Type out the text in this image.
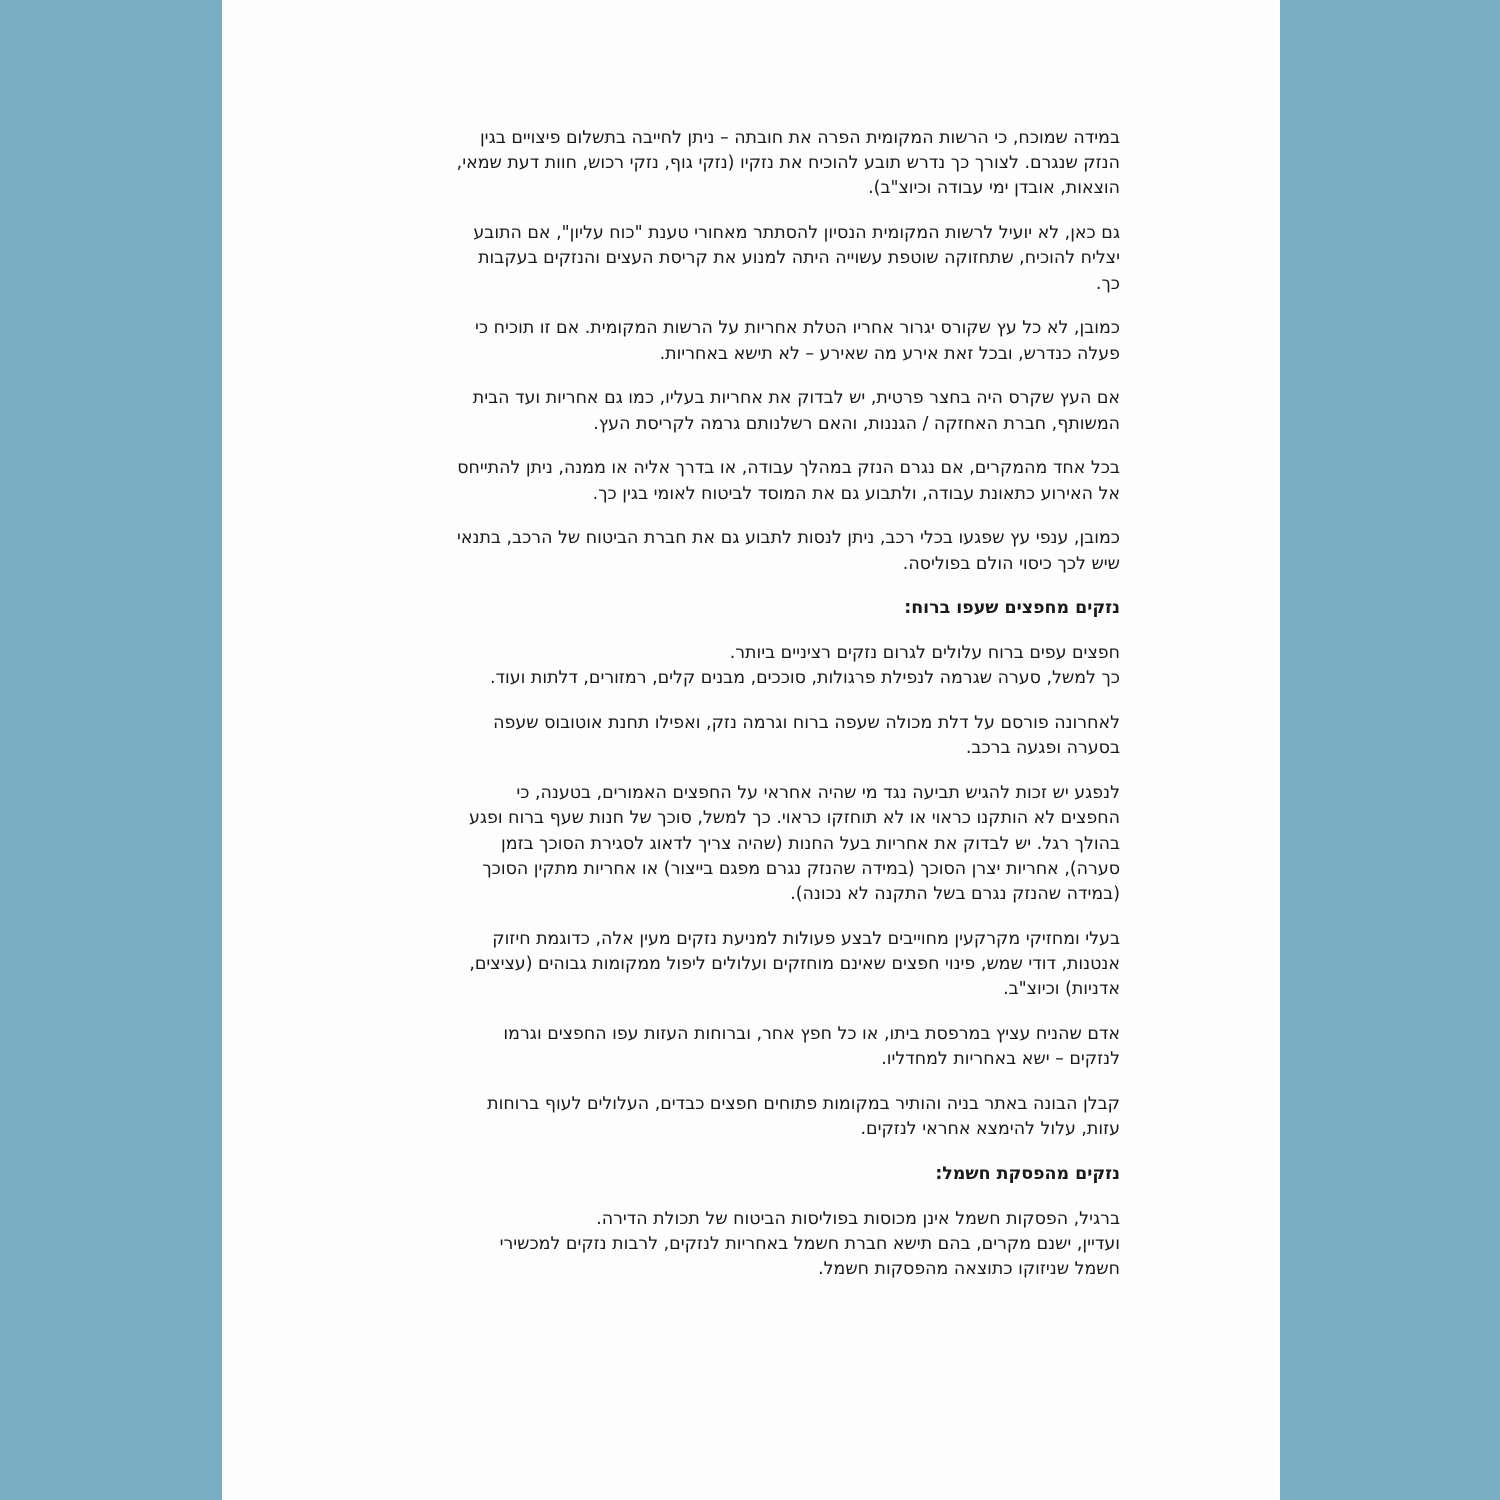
במידה שמוכח, כי הרשות המקומית הפרה את חובתה – ניתן לחייבה בתשלום פיצויים בגין
הנזק שנגרם. לצורך כך נדרש תובע להוכיח את נזקיו (נזקי גוף, נזקי רכוש, חוות דעת שמאי,
הוצאות, אובדן ימי עבודה וכיוצ"ב).
גם כאן, לא יועיל לרשות המקומית הנסיון להסתתר מאחורי טענת "כוח עליון", אם התובע
יצליח להוכיח, שתחזוקה שוטפת עשוייה היתה למנוע את קריסת העצים והנזקים בעקבות
כך.
כמובן, לא כל עץ שקורס יגרור אחריו הטלת אחריות על הרשות המקומית. אם זו תוכיח כי
פעלה כנדרש, ובכל זאת אירע מה שאירע – לא תישא באחריות.
אם העץ שקרס היה בחצר פרטית, יש לבדוק את אחריות בעליו, כמו גם אחריות ועד הבית
המשותף, חברת האחזקה / הגננות, והאם רשלנותם גרמה לקריסת העץ.
בכל אחד מהמקרים, אם נגרם הנזק במהלך עבודה, או בדרך אליה או ממנה, ניתן להתייחס
אל האירוע כתאונת עבודה, ולתבוע גם את המוסד לביטוח לאומי בגין כך.
כמובן, ענפי עץ שפגעו בכלי רכב, ניתן לנסות לתבוע גם את חברת הביטוח של הרכב, בתנאי
שיש לכך כיסוי הולם בפוליסה.
נזקים מחפצים שעפו ברוח:
חפצים עפים ברוח עלולים לגרום נזקים רציניים ביותר.
כך למשל, סערה שגרמה לנפילת פרגולות, סוככים, מבנים קלים, רמזורים, דלתות ועוד.
לאחרונה פורסם על דלת מכולה שעפה ברוח וגרמה נזק, ואפילו תחנת אוטובוס שעפה
בסערה ופגעה ברכב.
לנפגע יש זכות להגיש תביעה נגד מי שהיה אחראי על החפצים האמורים, בטענה, כי
החפצים לא הותקנו כראוי או לא תוחזקו כראוי. כך למשל, סוכך של חנות שעף ברוח ופגע
בהולך רגל. יש לבדוק את אחריות בעל החנות (שהיה צריך לדאוג לסגירת הסוכך בזמן
סערה), אחריות יצרן הסוכך (במידה שהנזק נגרם מפגם בייצור) או אחריות מתקין הסוכך
(במידה שהנזק נגרם בשל התקנה לא נכונה).
בעלי ומחזיקי מקרקעין מחוייבים לבצע פעולות למניעת נזקים מעין אלה, כדוגמת חיזוק
אנטנות, דודי שמש, פינוי חפצים שאינם מוחזקים ועלולים ליפול ממקומות גבוהים (עציצים,
אדניות) וכיוצ"ב.
אדם שהניח עציץ במרפסת ביתו, או כל חפץ אחר, וברוחות העזות עפו החפצים וגרמו
לנזקים – ישא באחריות למחדליו.
קבלן הבונה באתר בניה והותיר במקומות פתוחים חפצים כבדים, העלולים לעוף ברוחות
עזות, עלול להימצא אחראי לנזקים.
נזקים מהפסקת חשמל:
ברגיל, הפסקות חשמל אינן מכוסות בפוליסות הביטוח של תכולת הדירה.
ועדיין, ישנם מקרים, בהם תישא חברת חשמל באחריות לנזקים, לרבות נזקים למכשירי
חשמל שניזוקו כתוצאה מהפסקות חשמל.
